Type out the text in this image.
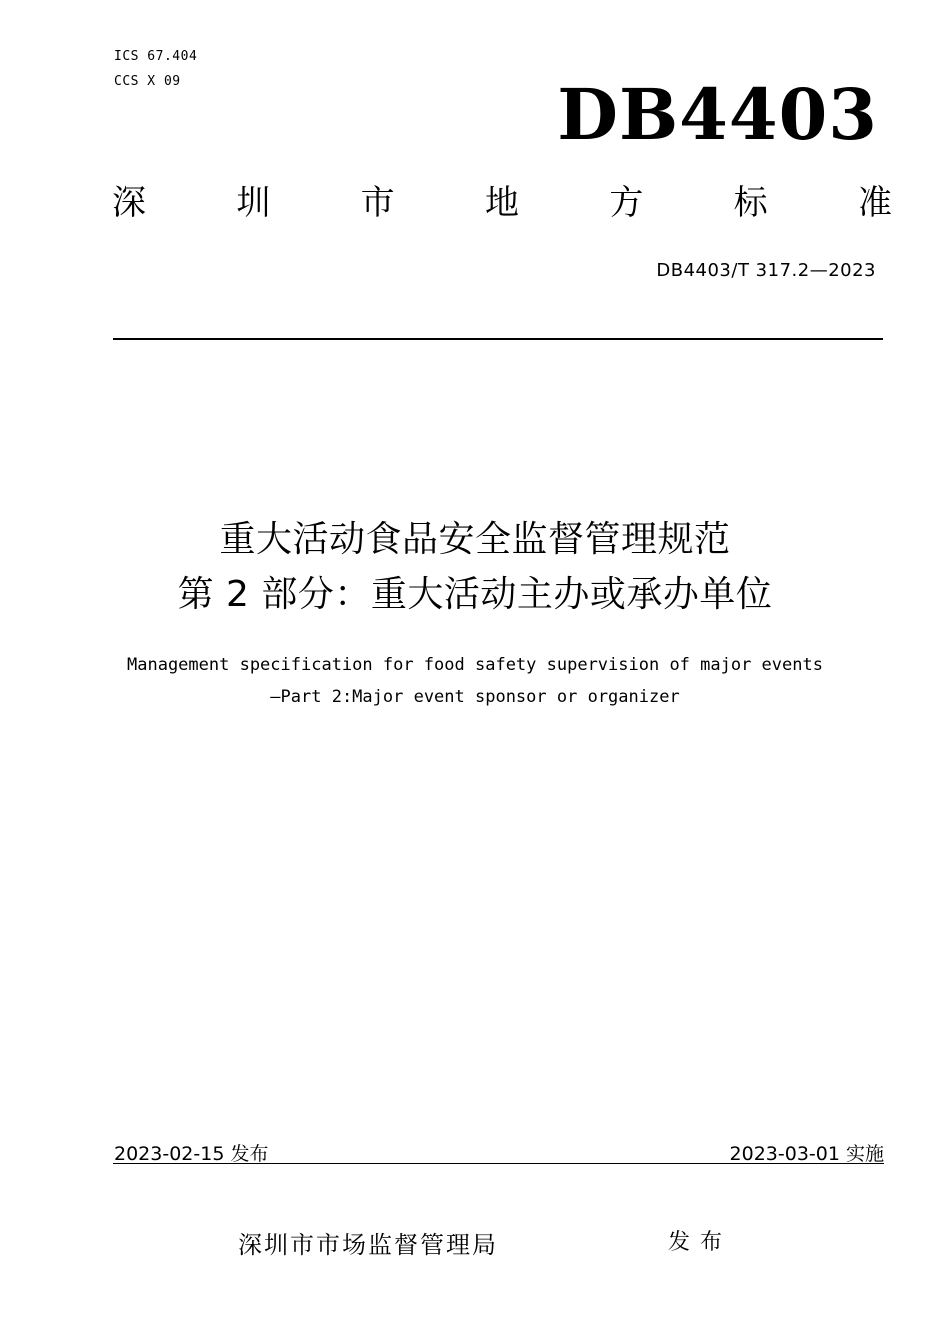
ICS 67.404
CCS X 09	DB4403
深	圳	市	地	方	标	准
DB4403/T 317.2—2023
重大活动食品安全监督管理规范
第 2 部分：重大活动主办或承办单位
Management specification for food safety supervision of major events
—Part 2:Major event sponsor or organizer
2023-02-15 发布	2023-03-01 实施
深圳市市场监督管理局	发布
